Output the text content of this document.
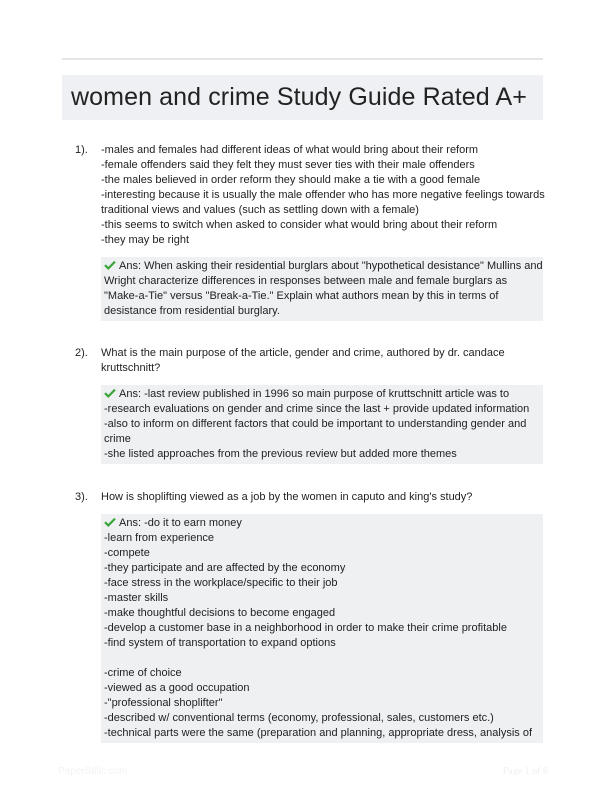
women and crime Study Guide Rated A+
1). -males and females had different ideas of what would bring about their reform
-female offenders said they felt they must sever ties with their male offenders
-the males believed in order reform they should make a tie with a good female
-interesting because it is usually the male offender who has more negative feelings towards
traditional views and values (such as settling down with a female)
-this seems to switch when asked to consider what would bring about their reform
-they may be right
Ans: When asking their residential burglars about "hypothetical desistance" Mullins and
Wright characterize differences in responses between male and female burglars as
"Make-a-Tie" versus "Break-a-Tie." Explain what authors mean by this in terms of
desistance from residential burglary.
2). What is the main purpose of the article, gender and crime, authored by dr. candace
kruttschnitt?
Ans: -last review published in 1996 so main purpose of kruttschnitt article was to
-research evaluations on gender and crime since the last + provide updated information
-also to inform on different factors that could be important to understanding gender and
crime
-she listed approaches from the previous review but added more themes
3). How is shoplifting viewed as a job by the women in caputo and king's study?
Ans: -do it to earn money
-learn from experience
-compete
-they participate and are affected by the economy
-face stress in the workplace/specific to their job
-master skills
-make thoughtful decisions to become engaged
-develop a customer base in a neighborhood in order to make their crime profitable
-find system of transportation to expand options
-crime of choice
-viewed as a good occupation
-"professional shoplifter"
-described w/ conventional terms (economy, professional, sales, customers etc.)
-technical parts were the same (preparation and planning, appropriate dress, analysis of
PaperStillc.com	Page 1 of 6
